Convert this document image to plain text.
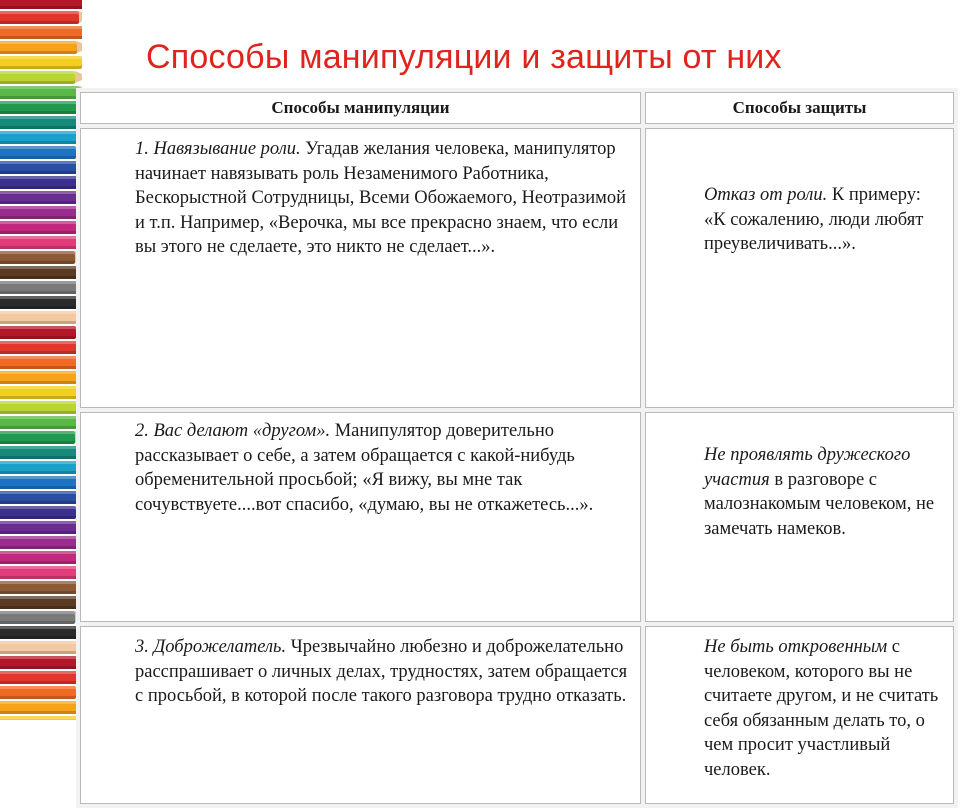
Способы манипуляции и защиты от них
Способы манипуляции	Способы защиты
1. Навязывание роли. Угадав желания человека, манипулятор начинает навязывать роль Незаменимого Работника, Бескорыстной Сотрудницы, Всеми Обожаемого, Неотразимой и т.п. Например, «Верочка, мы все прекрасно знаем, что если вы этого не сделаете, это никто не сделает...».	Отказ от роли. К примеру: «К сожалению, люди любят преувеличивать...».
2. Вас делают «другом». Манипулятор доверительно рассказывает о себе, а затем обращается с какой-нибудь обременительной просьбой; «Я вижу, вы мне так сочувствуете....вот спасибо, «думаю, вы не откажетесь...».	Не проявлять дружеского участия в разговоре с малознакомым человеком, не замечать намеков.
3. Доброжелатель. Чрезвычайно любезно и доброжелательно расспрашивает о личных делах, трудностях, затем обращается с просьбой, в которой после такого разговора трудно отказать.	Не быть откровенным с человеком, которого вы не считаете другом, и не считать себя обязанным делать то, о чем просит участливый человек.
